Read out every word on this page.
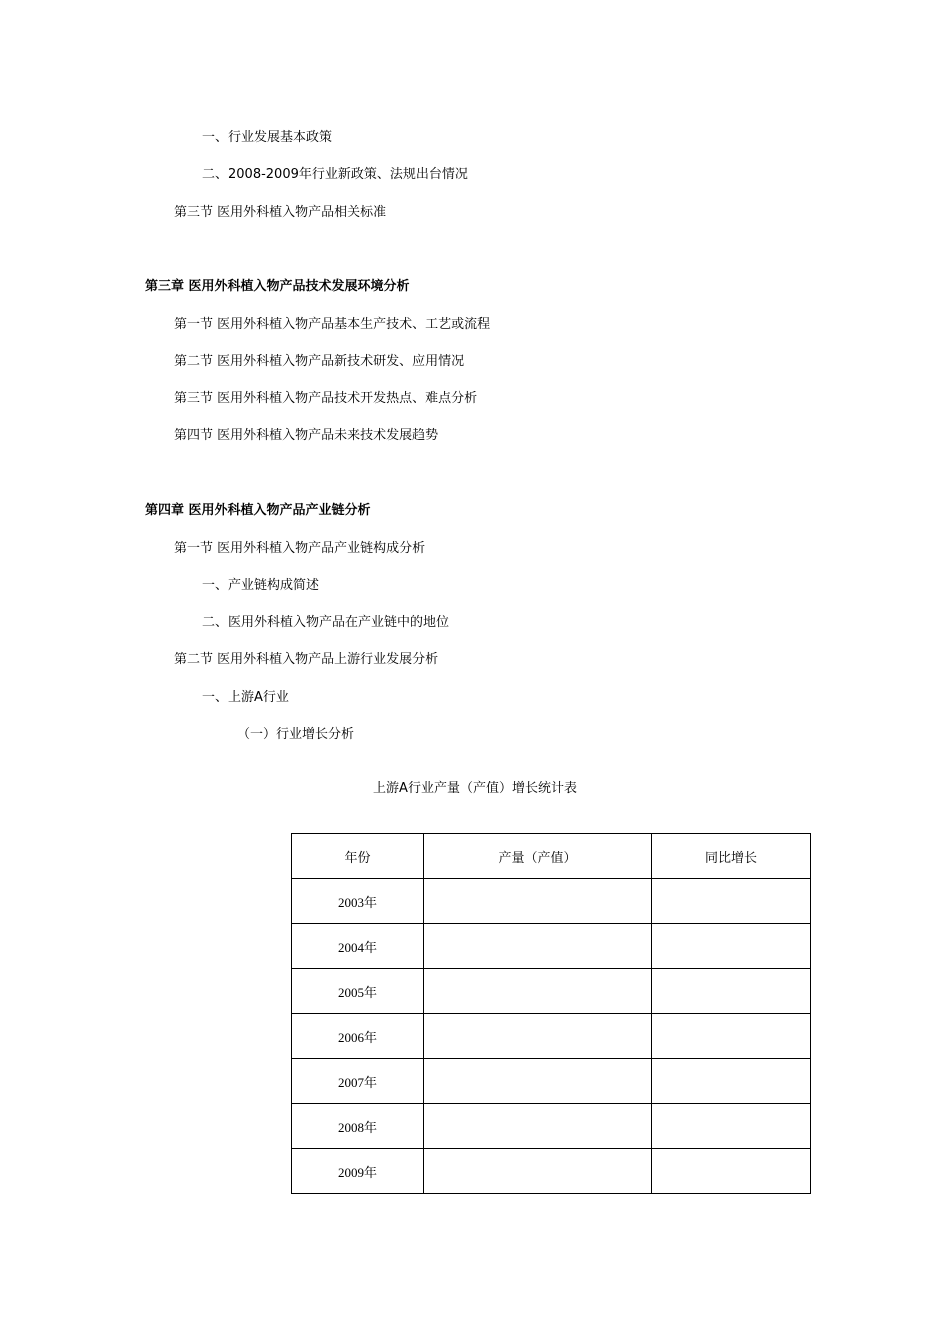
一、行业发展基本政策
二、2008-2009年行业新政策、法规出台情况
第三节 医用外科植入物产品相关标准
第三章 医用外科植入物产品技术发展环境分析
第一节 医用外科植入物产品基本生产技术、工艺或流程
第二节 医用外科植入物产品新技术研发、应用情况
第三节 医用外科植入物产品技术开发热点、难点分析
第四节 医用外科植入物产品未来技术发展趋势
第四章 医用外科植入物产品产业链分析
第一节 医用外科植入物产品产业链构成分析
一、产业链构成简述
二、医用外科植入物产品在产业链中的地位
第二节 医用外科植入物产品上游行业发展分析
一、上游A行业
（一）行业增长分析
上游A行业产量（产值）增长统计表
年份	产量（产值）	同比增长
2003年		
2004年		
2005年		
2006年		
2007年		
2008年		
2009年		
